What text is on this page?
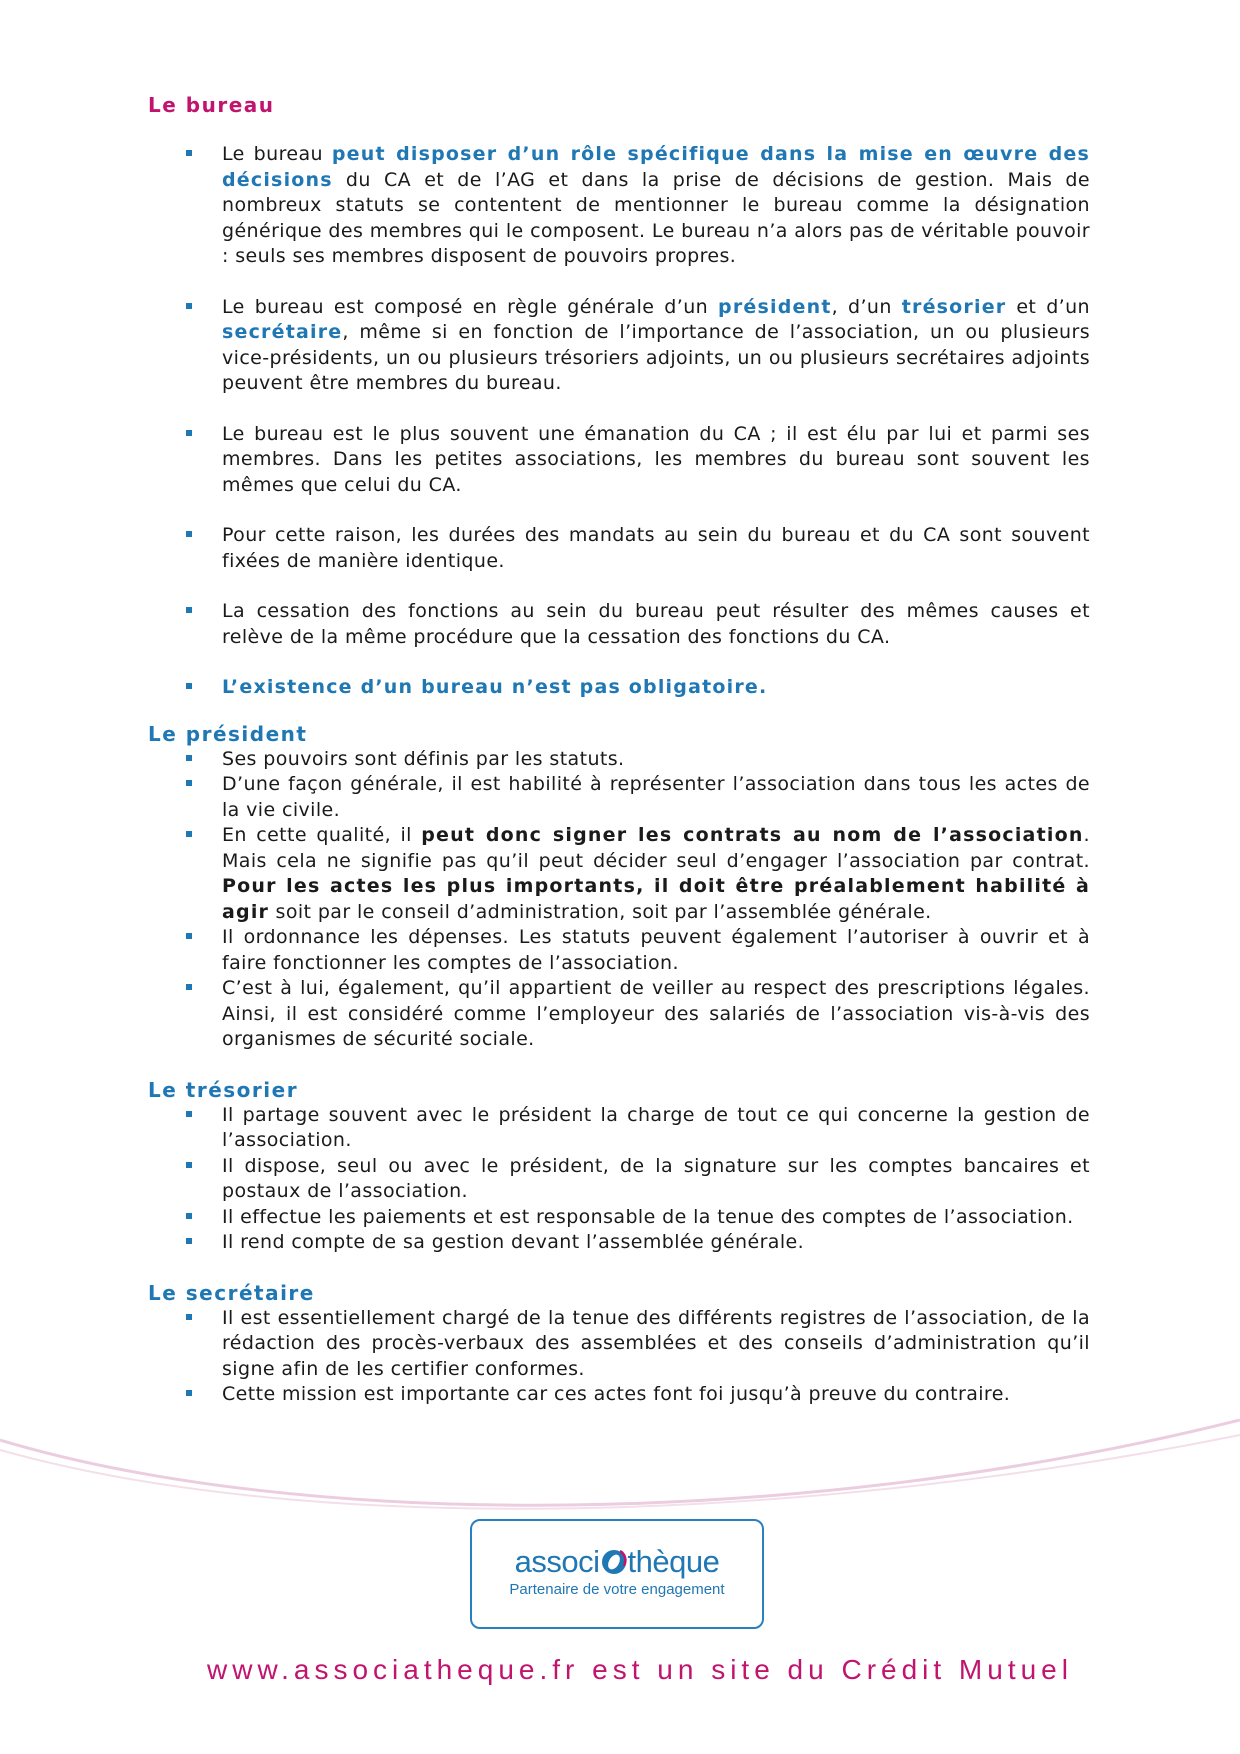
Le bureau
Le bureau peut disposer d’un rôle spécifique dans la mise en œuvre des décisions du CA et de l’AG et dans la prise de décisions de gestion. Mais de nombreux statuts se contentent de mentionner le bureau comme la désignation générique des membres qui le composent. Le bureau n’a alors pas de véritable pouvoir : seuls ses membres disposent de pouvoirs propres.
Le bureau est composé en règle générale d’un président, d’un trésorier et d’un secrétaire, même si en fonction de l’importance de l’association, un ou plusieurs vice-présidents, un ou plusieurs trésoriers adjoints, un ou plusieurs secrétaires adjoints peuvent être membres du bureau.
Le bureau est le plus souvent une émanation du CA ; il est élu par lui et parmi ses membres. Dans les petites associations, les membres du bureau sont souvent les mêmes que celui du CA.
Pour cette raison, les durées des mandats au sein du bureau et du CA sont souvent fixées de manière identique.
La cessation des fonctions au sein du bureau peut résulter des mêmes causes et relève de la même procédure que la cessation des fonctions du CA.
L’existence d’un bureau n’est pas obligatoire.
Le président
Ses pouvoirs sont définis par les statuts.
D’une façon générale, il est habilité à représenter l’association dans tous les actes de la vie civile.
En cette qualité, il peut donc signer les contrats au nom de l’association. Mais cela ne signifie pas qu’il peut décider seul d’engager l’association par contrat. Pour les actes les plus importants, il doit être préalablement habilité à agir soit par le conseil d’administration, soit par l’assemblée générale.
Il ordonnance les dépenses. Les statuts peuvent également l’autoriser à ouvrir et à faire fonctionner les comptes de l’association.
C’est à lui, également, qu’il appartient de veiller au respect des prescriptions légales. Ainsi, il est considéré comme l’employeur des salariés de l’association vis-à-vis des organismes de sécurité sociale.
Le trésorier
Il partage souvent avec le président la charge de tout ce qui concerne la gestion de l’association.
Il dispose, seul ou avec le président, de la signature sur les comptes bancaires et postaux de l’association.
Il effectue les paiements et est responsable de la tenue des comptes de l’association.
Il rend compte de sa gestion devant l’assemblée générale.
Le secrétaire
Il est essentiellement chargé de la tenue des différents registres de l’association, de la rédaction des procès-verbaux des assemblées et des conseils d’administration qu’il signe afin de les certifier conformes.
Cette mission est importante car ces actes font foi jusqu’à preuve du contraire.
associ thèque
Partenaire de votre engagement
www.associatheque.fr est un site du Crédit Mutuel
